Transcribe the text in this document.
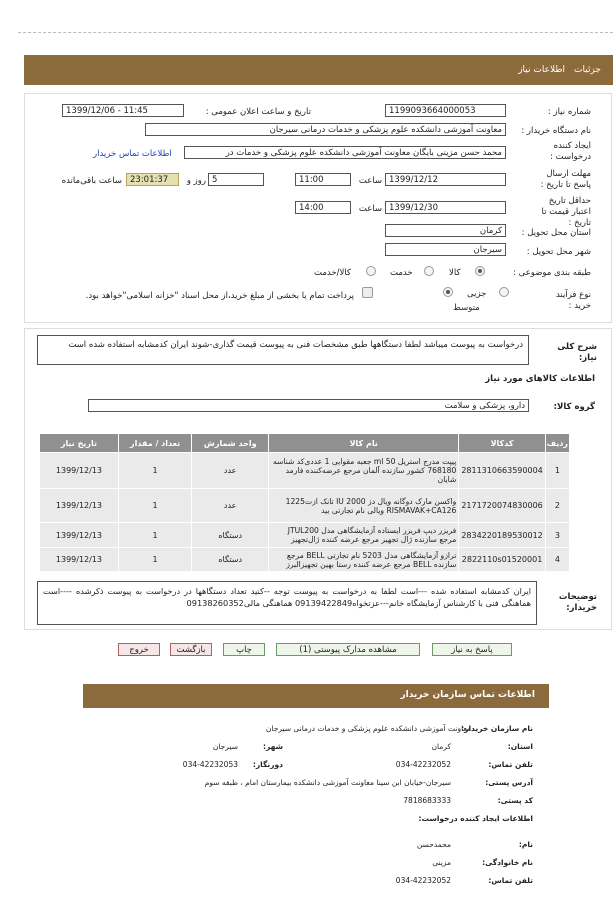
جزئیات
اطلاعات نیاز
شماره نیاز :
1199093664000053
تاریخ و ساعت اعلان عمومی :
1399/12/06 - 11:45
نام دستگاه خریدار :
معاونت آموزشی دانشکده علوم پزشکی و خدمات درمانی سیرجان
ایجاد کننده درخواست :
محمد حسن مزینی بایگان معاونت آموزشی دانشکده علوم پزشکی و خدمات در
اطلاعات تماس خریدار
مهلت ارسال پاسخ تا تاریخ :
1399/12/12
ساعت
11:00
5
روز و
23:01:37
ساعت باقی‌مانده
حداقل تاریخ اعتبار قیمت تا تاریخ :
1399/12/30
ساعت
14:00
استان محل تحویل :
کرمان
شهر محل تحویل :
سیرجان
طبقه بندی موضوعی :
کالا
خدمت
کالا/خدمت
نوع فرآیند خرید :
جزیی
متوسط
پرداخت تمام یا بخشی از مبلغ خرید،از محل اسناد "خزانه اسلامی"خواهد بود.
شرح کلی نیاز:
درخواست به پیوست میباشد لطفا دستگاهها طبق مشخصات فنی به پیوست قیمت گذاری-شوند ایران کدمشابه استفاده شده است
اطلاعات کالاهای مورد نیاز
گروه کالا:
دارو، پزشکی و سلامت
ردیف	کدکالا	نام کالا	واحد شمارش	تعداد / مقدار	تاریخ نیاز
1	2811310663590004	پیپت مدرج استریل 50 ml جعبه مقوایی 1 عددی‌کد شناسه 768180 کشور سازنده آلمان مرجع عرضه‌کننده فارمد شایان	عدد	1	1399/12/13
2	2171720074830006	واکسن مارک دوگانه ویال دز 2000 IU تانک ازت1225 RISMAVAK+CA126 ویالی نام تجارتی بید	عدد	1	1399/12/13
3	2834220189530012	فریزر دیپ فریزر ایستاده آزمایشگاهی مدل JTUL200 مرجع سازنده ژال تجهیز مرجع عرضه کننده ژال‌تجهیز	دستگاه	1	1399/12/13
4	2822110s01520001	ترازو آزمایشگاهی مدل 5203 نام تجارتی BELL مرجع سازنده BELL مرجع عرضه کننده رستا بهین تجهیزالبرز	دستگاه	1	1399/12/13
توضیحات خریدار:
ایران کدمشابه استفاده شده ---است لطفا به درخواست به پیوست توجه --کنید تعداد دستگاهها در درخواست به پیوست ذکرشده ----است هماهنگی فنی با کارشناس آزمایشگاه خانم---عزتخواه09139422849 هماهنگی مالی09138260352
پاسخ به نیاز
مشاهده مدارک پیوستی (1)
چاپ
بازگشت
خروج
اطلاعات تماس سازمان خریدار
نام سازمان خریدار:
معاونت آموزشی دانشکده علوم پزشکی و خدمات درمانی سیرجان
استان:
کرمان
شهر:
سیرجان
تلفن تماس:
034-42232052
دورنگار:
034-42232053
آدرس پستی:
سیرجان-خیابان ابن سینا معاونت آموزشی دانشکده بیمارستان امام ، طبقه سوم
کد پستی:
7818683333
اطلاعات ایجاد کننده درخواست:
نام:
محمدحسن
نام خانوادگی:
مزینی
تلفن تماس:
034-42232052
